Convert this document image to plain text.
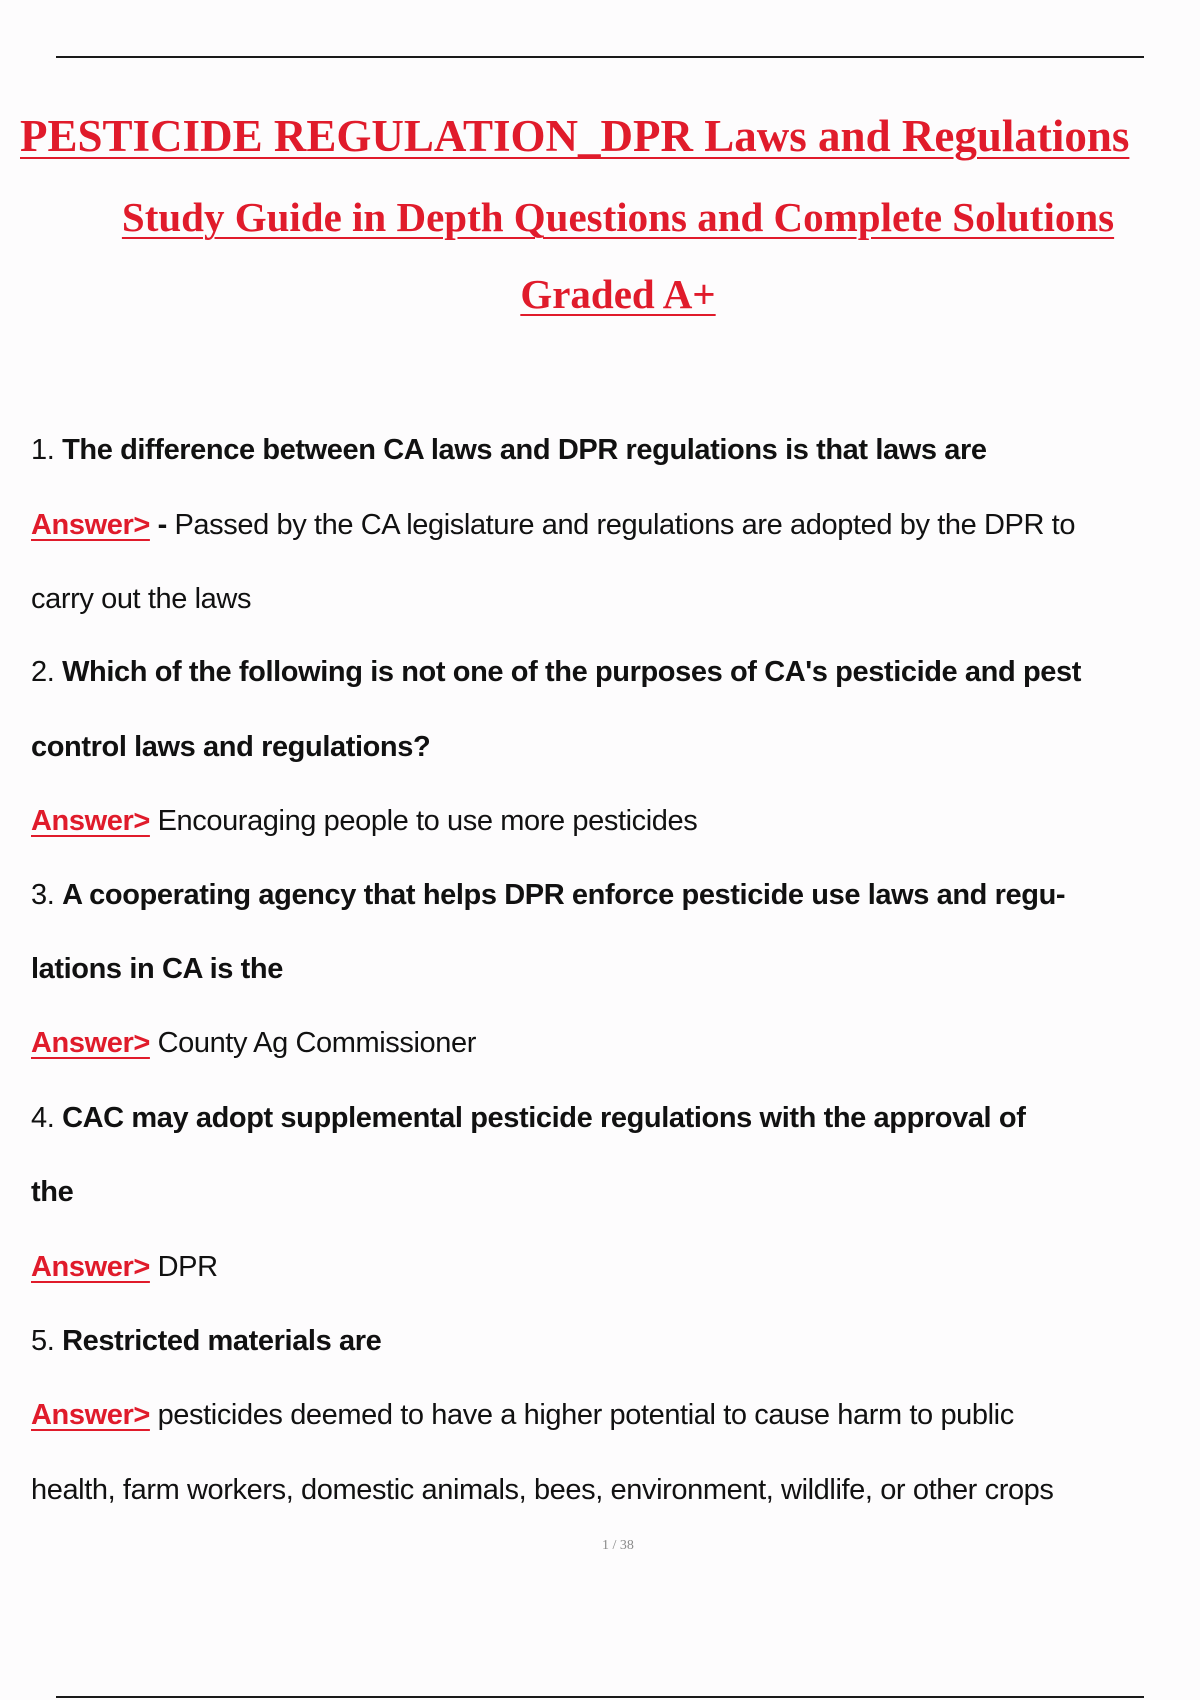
PESTICIDE REGULATION_DPR Laws and Regulations
Study Guide in Depth Questions and Complete Solutions
Graded A+
1. The difference between CA laws and DPR regulations is that laws are
Answer> - Passed by the CA legislature and regulations are adopted by the DPR to
carry out the laws
2. Which of the following is not one of the purposes of CA's pesticide and pest
control laws and regulations?
Answer> Encouraging people to use more pesticides
3. A cooperating agency that helps DPR enforce pesticide use laws and regu-
lations in CA is the
Answer> County Ag Commissioner
4. CAC may adopt supplemental pesticide regulations with the approval of
the
Answer> DPR
5. Restricted materials are
Answer> pesticides deemed to have a higher potential to cause harm to public
health, farm workers, domestic animals, bees, environment, wildlife, or other crops
1 / 38
